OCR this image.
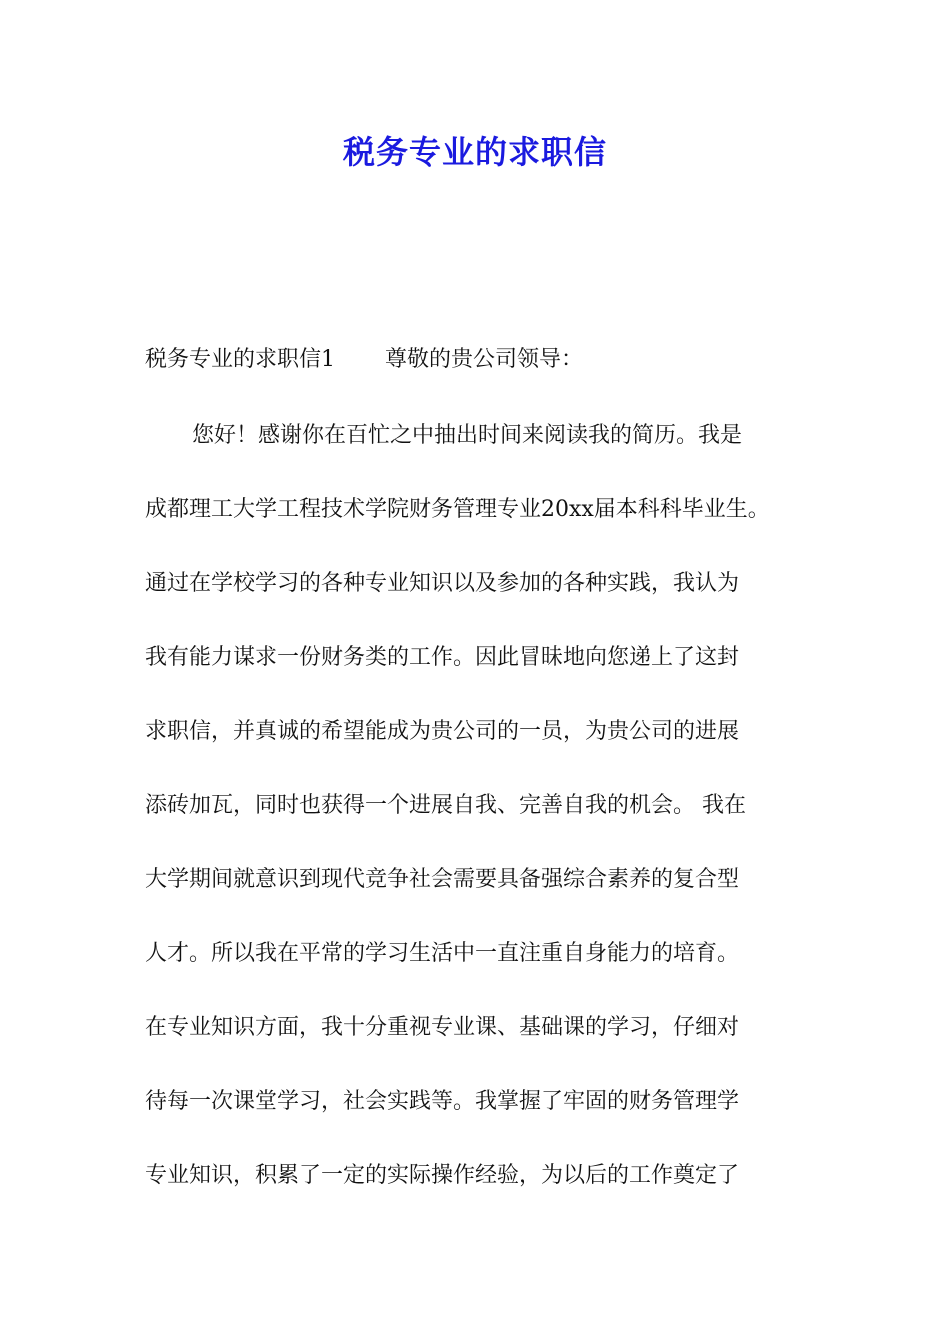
税务专业的求职信
税务专业的求职信1 尊敬的贵公司领导：
您好！感谢你在百忙之中抽出时间来阅读我的简历。我是
成都理工大学工程技术学院财务管理专业20xx届本科科毕业生。
通过在学校学习的各种专业知识以及参加的各种实践，我认为
我有能力谋求一份财务类的工作。因此冒昧地向您递上了这封
求职信，并真诚的希望能成为贵公司的一员，为贵公司的进展
添砖加瓦，同时也获得一个进展自我、完善自我的机会。 我在
大学期间就意识到现代竞争社会需要具备强综合素养的复合型
人才。所以我在平常的学习生活中一直注重自身能力的培育。
在专业知识方面，我十分重视专业课、基础课的学习，仔细对
待每一次课堂学习，社会实践等。我掌握了牢固的财务管理学
专业知识，积累了一定的实际操作经验，为以后的工作奠定了
